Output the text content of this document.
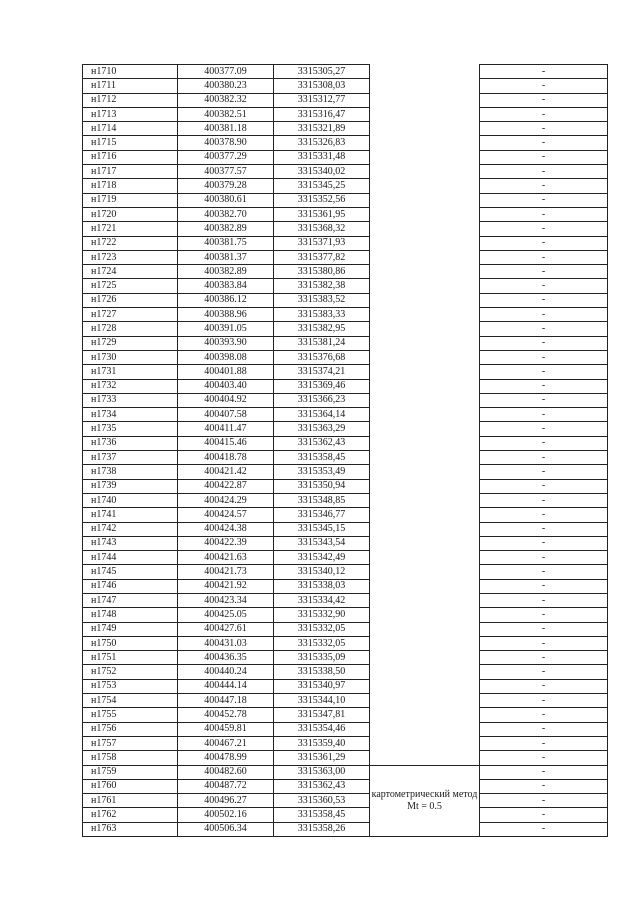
н1710	400377.09	3315305,27		-
н1711	400380.23	3315308,03		-
н1712	400382.32	3315312,77		-
н1713	400382.51	3315316,47		-
н1714	400381.18	3315321,89		-
н1715	400378.90	3315326,83		-
н1716	400377.29	3315331,48		-
н1717	400377.57	3315340,02		-
н1718	400379.28	3315345,25		-
н1719	400380.61	3315352,56		-
н1720	400382.70	3315361,95		-
н1721	400382.89	3315368,32		-
н1722	400381.75	3315371,93		-
н1723	400381.37	3315377,82		-
н1724	400382.89	3315380,86		-
н1725	400383.84	3315382,38		-
н1726	400386.12	3315383,52		-
н1727	400388.96	3315383,33		-
н1728	400391.05	3315382,95		-
н1729	400393.90	3315381,24		-
н1730	400398.08	3315376,68		-
н1731	400401.88	3315374,21		-
н1732	400403.40	3315369,46		-
н1733	400404.92	3315366,23		-
н1734	400407.58	3315364,14		-
н1735	400411.47	3315363,29		-
н1736	400415.46	3315362,43		-
н1737	400418.78	3315358,45		-
н1738	400421.42	3315353,49		-
н1739	400422.87	3315350,94		-
н1740	400424.29	3315348,85		-
н1741	400424.57	3315346,77		-
н1742	400424.38	3315345,15		-
н1743	400422.39	3315343,54		-
н1744	400421.63	3315342,49		-
н1745	400421.73	3315340,12		-
н1746	400421.92	3315338,03		-
н1747	400423.34	3315334,42		-
н1748	400425.05	3315332,90		-
н1749	400427.61	3315332,05		-
н1750	400431.03	3315332,05		-
н1751	400436.35	3315335,09		-
н1752	400440.24	3315338,50		-
н1753	400444.14	3315340,97		-
н1754	400447.18	3315344,10		-
н1755	400452.78	3315347,81		-
н1756	400459.81	3315354,46		-
н1757	400467.21	3315359,40		-
н1758	400478.99	3315361,29		-
н1759	400482.60	3315363,00	картометрический метод Mt = 0.5	-
н1760	400487.72	3315362,43		-
н1761	400496.27	3315360,53		-
н1762	400502.16	3315358,45		-
н1763	400506.34	3315358,26		-
